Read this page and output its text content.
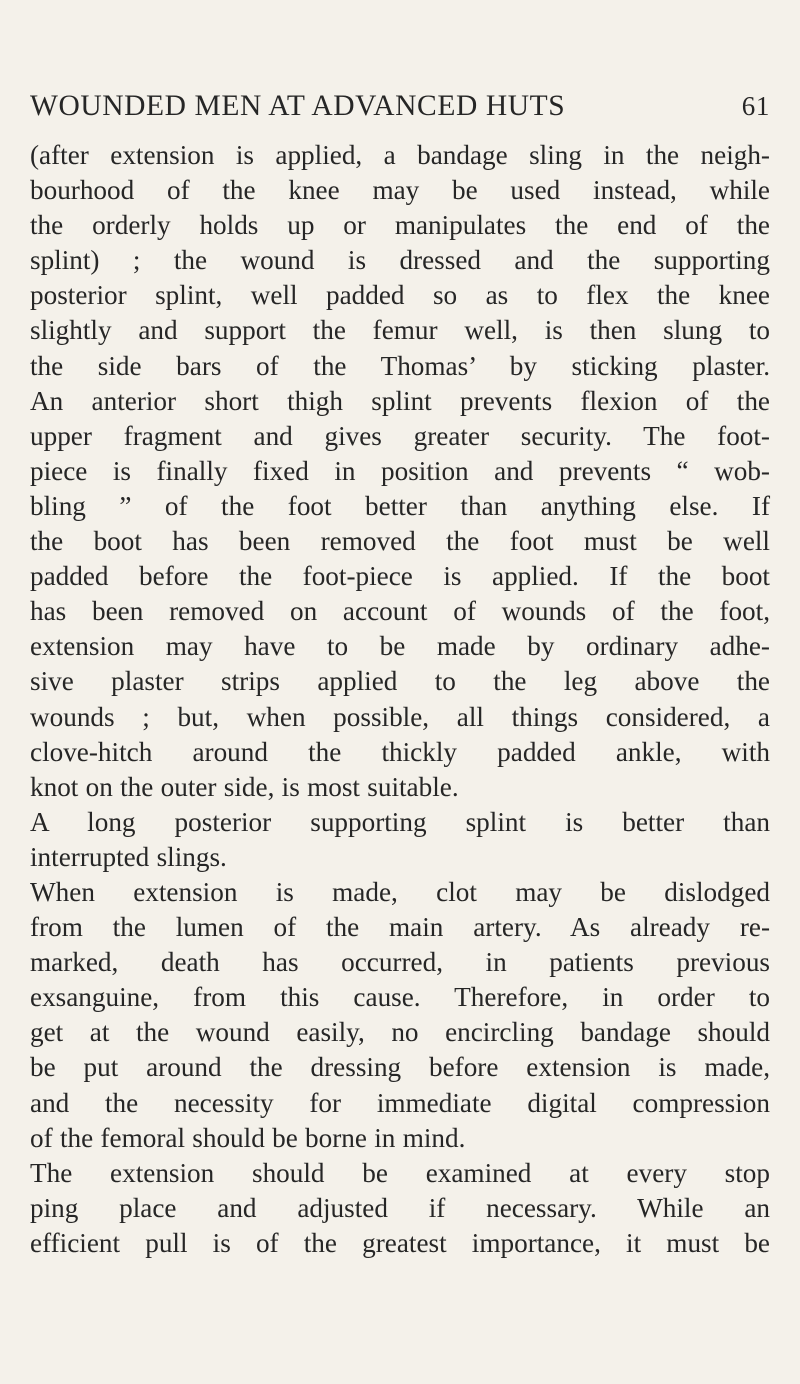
WOUNDED MEN AT ADVANCED HUTS	61
(after extension is applied, a bandage sling in the neigh-
bourhood of the knee may be used instead, while
the orderly holds up or manipulates the end of the
splint) ; the wound is dressed and the supporting
posterior splint, well padded so as to flex the knee
slightly and support the femur well, is then slung to
the side bars of the Thomas’ by sticking plaster.
An anterior short thigh splint prevents flexion of the
upper fragment and gives greater security. The foot-
piece is finally fixed in position and prevents “ wob-
bling ” of the foot better than anything else. If
the boot has been removed the foot must be well
padded before the foot-piece is applied. If the boot
has been removed on account of wounds of the foot,
extension may have to be made by ordinary adhe-
sive plaster strips applied to the leg above the
wounds ; but, when possible, all things considered, a
clove-hitch around the thickly padded ankle, with
knot on the outer side, is most suitable.
A long posterior supporting splint is better than
interrupted slings.
When extension is made, clot may be dislodged
from the lumen of the main artery. As already re-
marked, death has occurred, in patients previous
exsanguine, from this cause. Therefore, in order to
get at the wound easily, no encircling bandage should
be put around the dressing before extension is made,
and the necessity for immediate digital compression
of the femoral should be borne in mind.
The extension should be examined at every stop
ping place and adjusted if necessary. While an
efficient pull is of the greatest importance, it must be
